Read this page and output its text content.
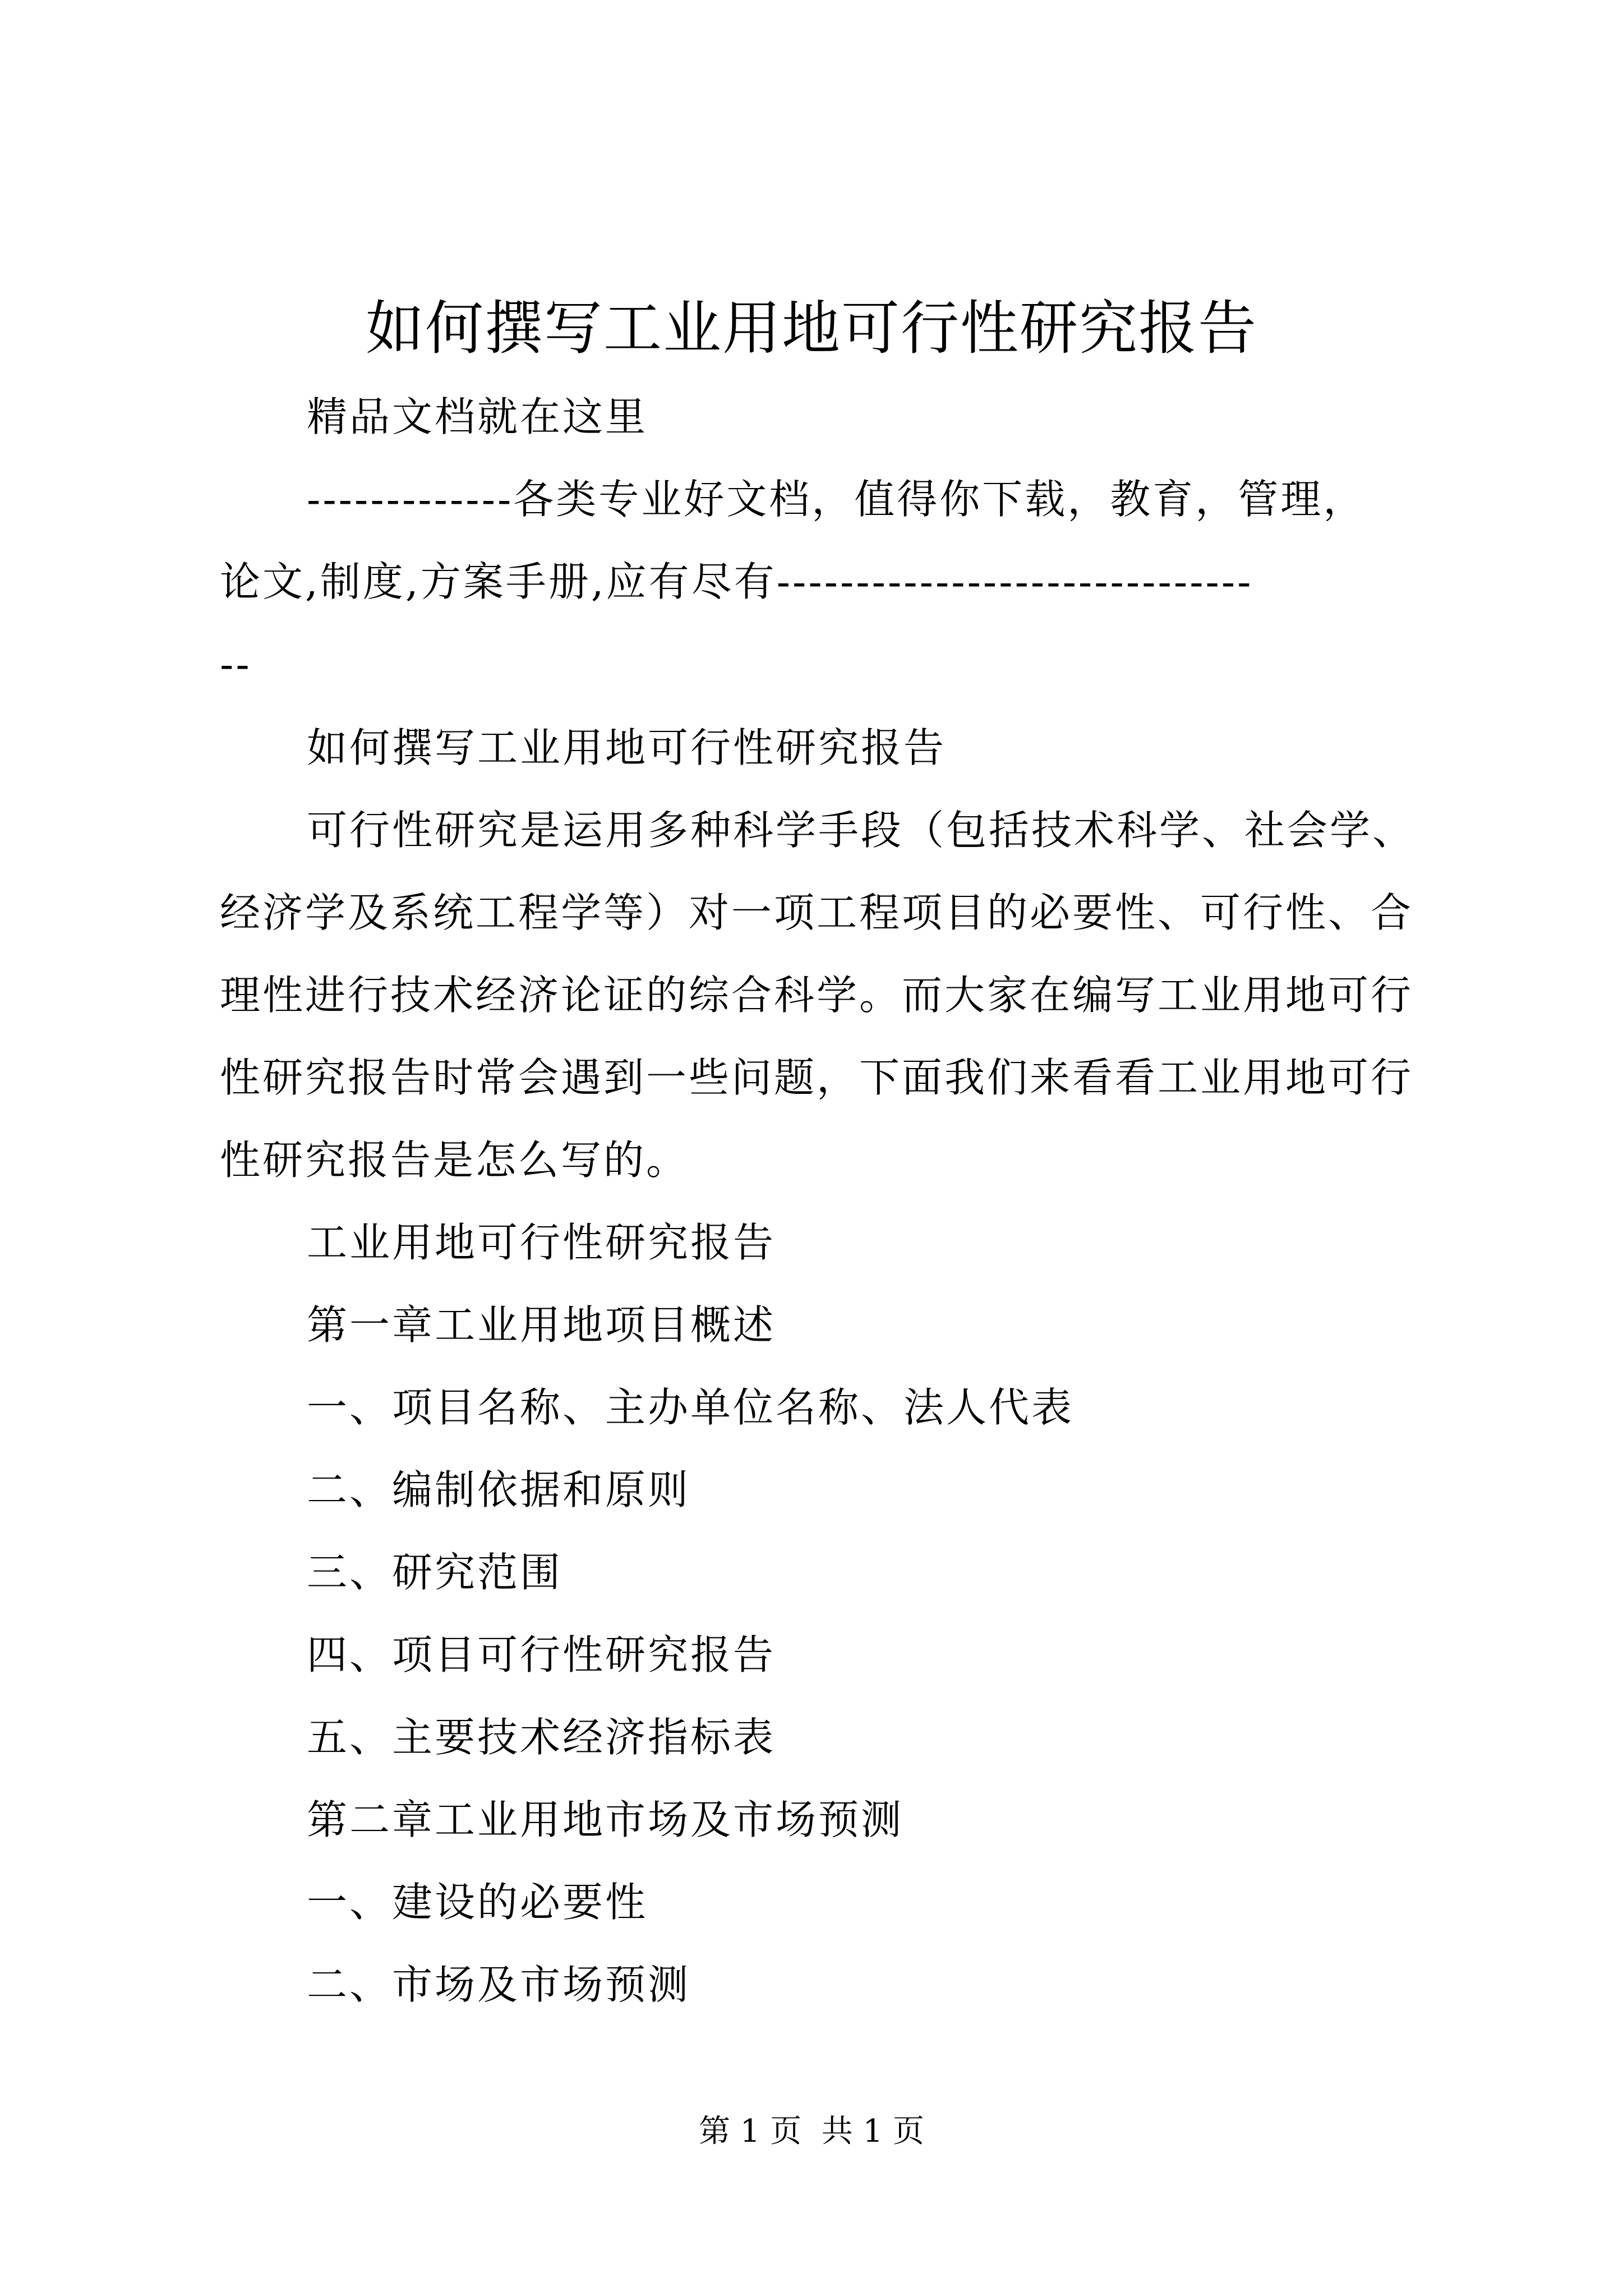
如何撰写工业用地可行性研究报告
精品文档就在这里
-------------各类专业好文档，值得你下载，教育，管理，
论文,制度,方案手册,应有尽有------------------------------
--
如何撰写工业用地可行性研究报告
可行性研究是运用多种科学手段（包括技术科学、社会学、
经济学及系统工程学等）对一项工程项目的必要性、可行性、合
理性进行技术经济论证的综合科学。而大家在编写工业用地可行
性研究报告时常会遇到一些问题，下面我们来看看工业用地可行
性研究报告是怎么写的。
工业用地可行性研究报告
第一章工业用地项目概述
一、项目名称、主办单位名称、法人代表
二、编制依据和原则
三、研究范围
四、项目可行性研究报告
五、主要技术经济指标表
第二章工业用地市场及市场预测
一、建设的必要性
二、市场及市场预测
第 1 页  共 1 页
